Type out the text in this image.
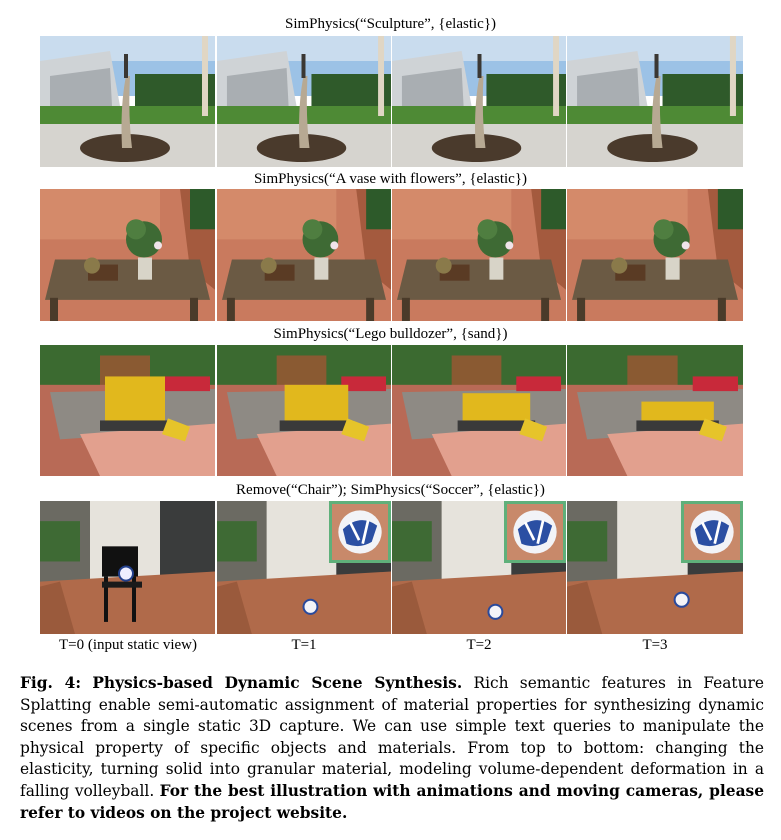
SimPhysics(“Sculpture”, {elastic})
SimPhysics(“A vase with flowers”, {elastic})
SimPhysics(“Lego bulldozer”, {sand})
Remove(“Chair”); SimPhysics(“Soccer”, {elastic})
T=0 (input static view)	T=1	T=2	T=3
Fig. 4: Physics-based Dynamic Scene Synthesis. Rich semantic features in Feature Splatting enable semi-automatic assignment of material properties for synthesizing dynamic scenes from a single static 3D capture. We can use simple text queries to manipulate the physical property of specific objects and materials. From top to bottom: changing the elasticity, turning solid into granular material, modeling volume-dependent deformation in a falling volleyball. For the best illustration with animations and moving cameras, please refer to videos on the project website.
